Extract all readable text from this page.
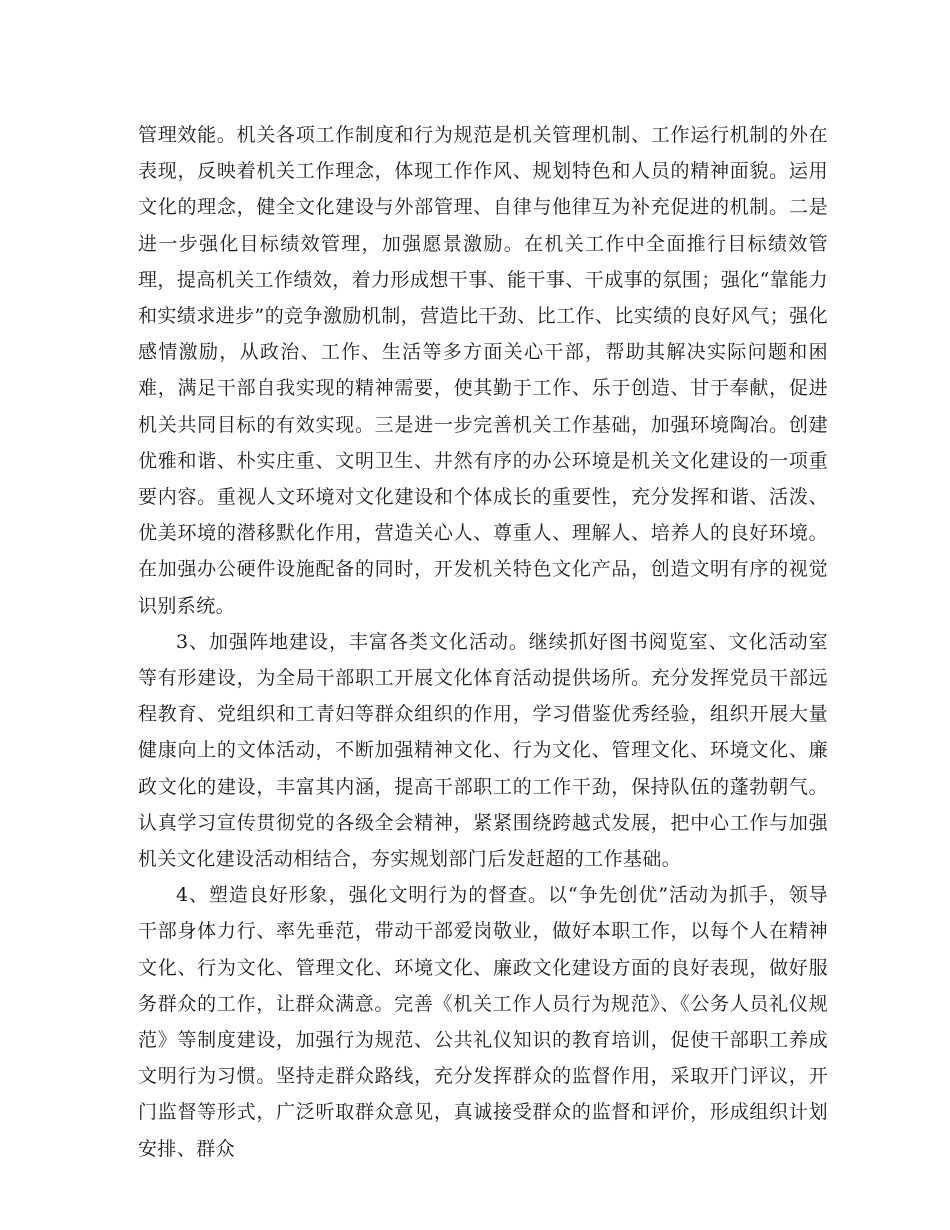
管理效能。机关各项工作制度和行为规范是机关管理机制、工作运行机制的外在表现，反映着机关工作理念，体现工作作风、规划特色和人员的精神面貌。运用文化的理念，健全文化建设与外部管理、自律与他律互为补充促进的机制。二是进一步强化目标绩效管理，加强愿景激励。在机关工作中全面推行目标绩效管理，提高机关工作绩效，着力形成想干事、能干事、干成事的氛围；强化“靠能力和实绩求进步”的竞争激励机制，营造比干劲、比工作、比实绩的良好风气；强化感情激励，从政治、工作、生活等多方面关心干部，帮助其解决实际问题和困难，满足干部自我实现的精神需要，使其勤于工作、乐于创造、甘于奉献，促进机关共同目标的有效实现。三是进一步完善机关工作基础，加强环境陶冶。创建优雅和谐、朴实庄重、文明卫生、井然有序的办公环境是机关文化建设的一项重要内容。重视人文环境对文化建设和个体成长的重要性，充分发挥和谐、活泼、优美环境的潜移默化作用，营造关心人、尊重人、理解人、培养人的良好环境。在加强办公硬件设施配备的同时，开发机关特色文化产品，创造文明有序的视觉识别系统。

3、加强阵地建设，丰富各类文化活动。继续抓好图书阅览室、文化活动室等有形建设，为全局干部职工开展文化体育活动提供场所。充分发挥党员干部远程教育、党组织和工青妇等群众组织的作用，学习借鉴优秀经验，组织开展大量健康向上的文体活动，不断加强精神文化、行为文化、管理文化、环境文化、廉政文化的建设，丰富其内涵，提高干部职工的工作干劲，保持队伍的蓬勃朝气。认真学习宣传贯彻党的各级全会精神，紧紧围绕跨越式发展，把中心工作与加强机关文化建设活动相结合，夯实规划部门后发赶超的工作基础。

4、塑造良好形象，强化文明行为的督查。以“争先创优”活动为抓手，领导干部身体力行、率先垂范，带动干部爱岗敬业，做好本职工作，以每个人在精神文化、行为文化、管理文化、环境文化、廉政文化建设方面的良好表现，做好服务群众的工作，让群众满意。完善《机关工作人员行为规范》、《公务人员礼仪规范》等制度建设，加强行为规范、公共礼仪知识的教育培训，促使干部职工养成文明行为习惯。坚持走群众路线，充分发挥群众的监督作用，采取开门评议，开门监督等形式，广泛听取群众意见，真诚接受群众的监督和评价，形成组织计划安排、群众
